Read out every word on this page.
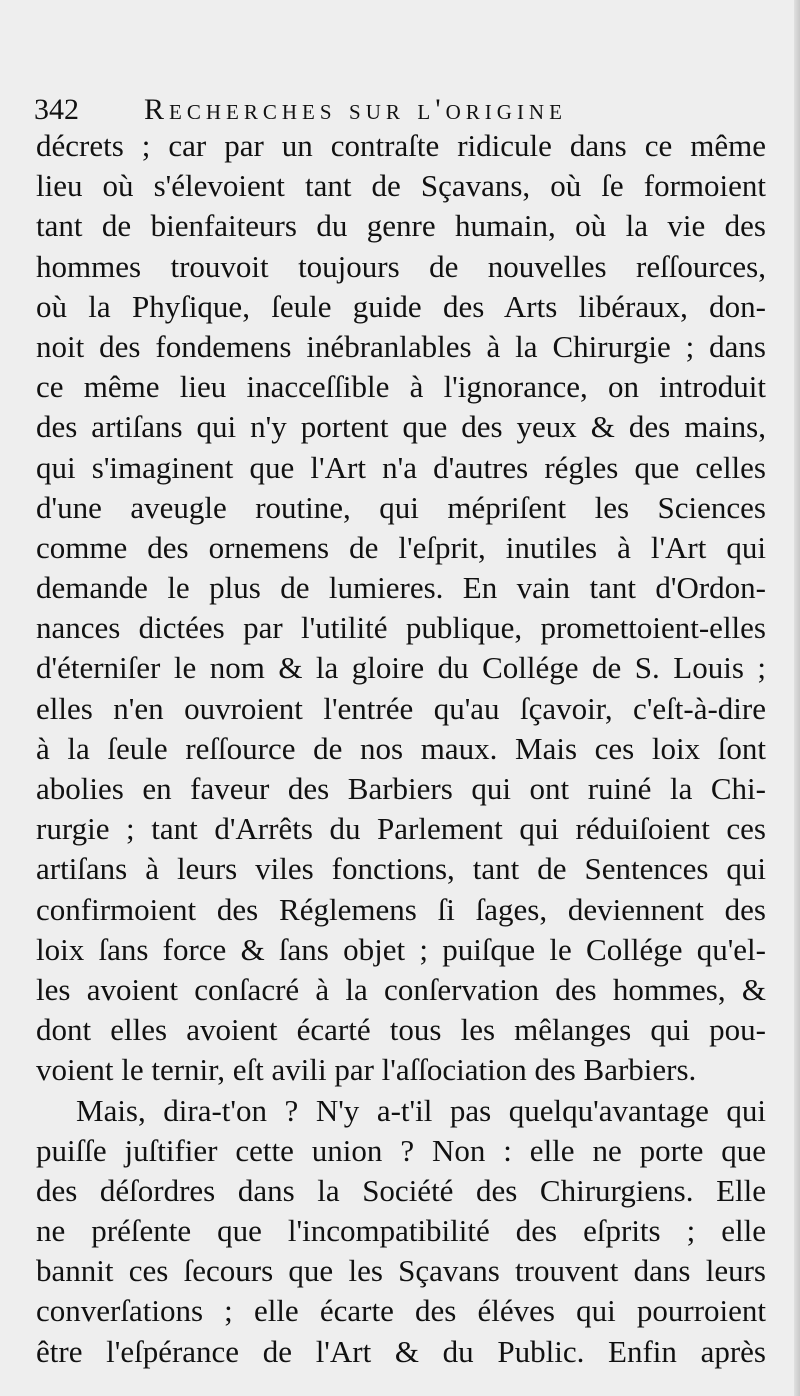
342 Recherches sur l'origine
décrets ; car par un contraſte ridicule dans ce même
lieu où s'élevoient tant de Sçavans, où ſe formoient
tant de bienfaiteurs du genre humain, où la vie des
hommes trouvoit toujours de nouvelles reſſources,
où la Phyſique, ſeule guide des Arts libéraux, don-
noit des fondemens inébranlables à la Chirurgie ; dans
ce même lieu inacceſſible à l'ignorance, on introduit
des artiſans qui n'y portent que des yeux & des mains,
qui s'imaginent que l'Art n'a d'autres régles que celles
d'une aveugle routine, qui mépriſent les Sciences
comme des ornemens de l'eſprit, inutiles à l'Art qui
demande le plus de lumieres. En vain tant d'Ordon-
nances dictées par l'utilité publique, promettoient-elles
d'éterniſer le nom & la gloire du Collége de S. Louis ;
elles n'en ouvroient l'entrée qu'au ſçavoir, c'eſt-à-dire
à la ſeule reſſource de nos maux. Mais ces loix ſont
abolies en faveur des Barbiers qui ont ruiné la Chi-
rurgie ; tant d'Arrêts du Parlement qui réduiſoient ces
artiſans à leurs viles fonctions, tant de Sentences qui
confirmoient des Réglemens ſi ſages, deviennent des
loix ſans force & ſans objet ; puiſque le Collége qu'el-
les avoient conſacré à la conſervation des hommes, &
dont elles avoient écarté tous les mêlanges qui pou-
voient le ternir, eſt avili par l'aſſociation des Barbiers.
Mais, dira-t'on ? N'y a-t'il pas quelqu'avantage qui
puiſſe juſtifier cette union ? Non : elle ne porte que
des déſordres dans la Société des Chirurgiens. Elle
ne préſente que l'incompatibilité des eſprits ; elle
bannit ces ſecours que les Sçavans trouvent dans leurs
converſations ; elle écarte des éléves qui pourroient
être l'eſpérance de l'Art & du Public. Enfin après
